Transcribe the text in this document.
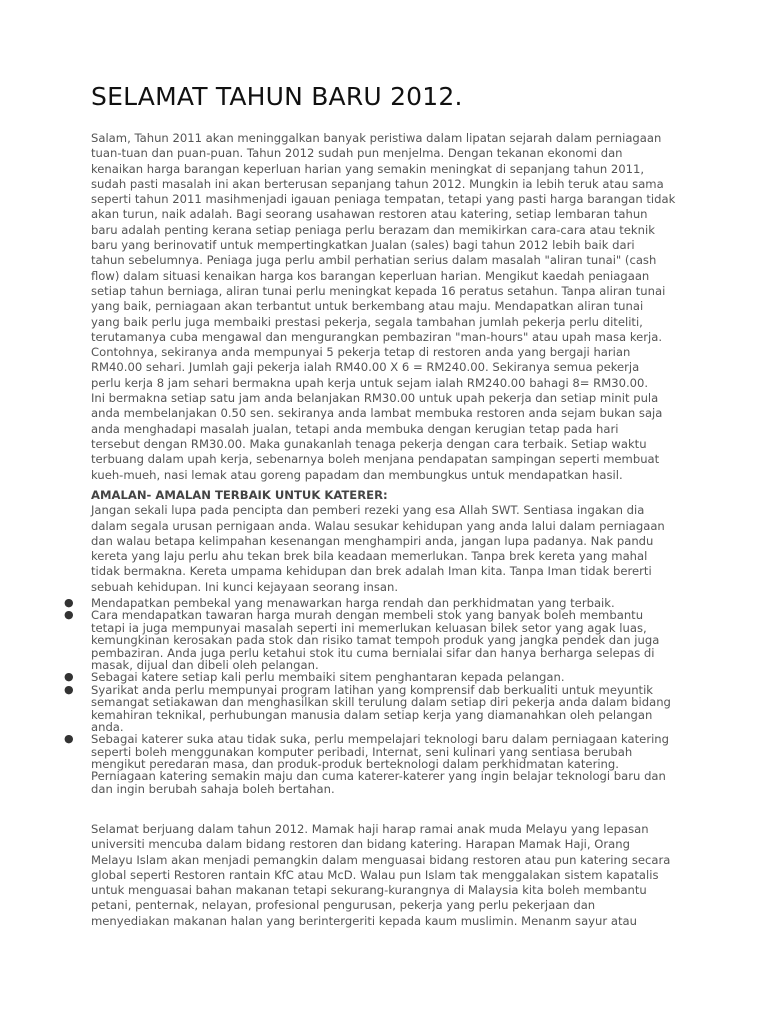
SELAMAT TAHUN BARU 2012.
Salam, Tahun 2011 akan meninggalkan banyak peristiwa dalam lipatan sejarah dalam perniagaan
tuan-tuan dan puan-puan. Tahun 2012 sudah pun menjelma. Dengan tekanan ekonomi dan
kenaikan harga barangan keperluan harian yang semakin meningkat di sepanjang tahun 2011,
sudah pasti masalah ini akan berterusan sepanjang tahun 2012. Mungkin ia lebih teruk atau sama
seperti tahun 2011 masihmenjadi igauan peniaga tempatan, tetapi yang pasti harga barangan tidak
akan turun, naik adalah. Bagi seorang usahawan restoren atau katering, setiap lembaran tahun
baru adalah penting kerana setiap peniaga perlu berazam dan memikirkan cara-cara atau teknik
baru yang berinovatif untuk mempertingkatkan Jualan (sales) bagi tahun 2012 lebih baik dari
tahun sebelumnya. Peniaga juga perlu ambil perhatian serius dalam masalah "aliran tunai" (cash
flow) dalam situasi kenaikan harga kos barangan keperluan harian. Mengikut kaedah peniagaan
setiap tahun berniaga, aliran tunai perlu meningkat kepada 16 peratus setahun. Tanpa aliran tunai
yang baik, perniagaan akan terbantut untuk berkembang atau maju. Mendapatkan aliran tunai
yang baik perlu juga membaiki prestasi pekerja, segala tambahan jumlah pekerja perlu diteliti,
terutamanya cuba mengawal dan mengurangkan pembaziran "man-hours" atau upah masa kerja.
Contohnya, sekiranya anda mempunyai 5 pekerja tetap di restoren anda yang bergaji harian
RM40.00 sehari. Jumlah gaji pekerja ialah RM40.00 X 6 = RM240.00. Sekiranya semua pekerja
perlu kerja 8 jam sehari bermakna upah kerja untuk sejam ialah RM240.00 bahagi 8= RM30.00.
Ini bermakna setiap satu jam anda belanjakan RM30.00 untuk upah pekerja dan setiap minit pula
anda membelanjakan 0.50 sen. sekiranya anda lambat membuka restoren anda sejam bukan saja
anda menghadapi masalah jualan, tetapi anda membuka dengan kerugian tetap pada hari
tersebut dengan RM30.00. Maka gunakanlah tenaga pekerja dengan cara terbaik. Setiap waktu
terbuang dalam upah kerja, sebenarnya boleh menjana pendapatan sampingan seperti membuat
kueh-mueh, nasi lemak atau goreng papadam dan membungkus untuk mendapatkan hasil.
AMALAN- AMALAN TERBAIK UNTUK KATERER:
Jangan sekali lupa pada pencipta dan pemberi rezeki yang esa Allah SWT. Sentiasa ingakan dia
dalam segala urusan pernigaan anda. Walau sesukar kehidupan yang anda lalui dalam perniagaan
dan walau betapa kelimpahan kesenangan menghampiri anda, jangan lupa padanya. Nak pandu
kereta yang laju perlu ahu tekan brek bila keadaan memerlukan. Tanpa brek kereta yang mahal
tidak bermakna. Kereta umpama kehidupan dan brek adalah Iman kita. Tanpa Iman tidak bererti
sebuah kehidupan. Ini kunci kejayaan seorang insan.
● Mendapatkan pembekal yang menawarkan harga rendah dan perkhidmatan yang terbaik.
● Cara mendapatkan tawaran harga murah dengan membeli stok yang banyak boleh membantu
tetapi ia juga mempunyai masalah seperti ini memerlukan keluasan bilek setor yang agak luas,
kemungkinan kerosakan pada stok dan risiko tamat tempoh produk yang jangka pendek dan juga
pembaziran. Anda juga perlu ketahui stok itu cuma bernialai sifar dan hanya berharga selepas di
masak, dijual dan dibeli oleh pelangan.
● Sebagai katere setiap kali perlu membaiki sitem penghantaran kepada pelangan.
● Syarikat anda perlu mempunyai program latihan yang komprensif dab berkualiti untuk meyuntik
semangat setiakawan dan menghasilkan skill terulung dalam setiap diri pekerja anda dalam bidang
kemahiran teknikal, perhubungan manusia dalam setiap kerja yang diamanahkan oleh pelangan
anda.
● Sebagai katerer suka atau tidak suka, perlu mempelajari teknologi baru dalam perniagaan katering
seperti boleh menggunakan komputer peribadi, Internat, seni kulinari yang sentiasa berubah
mengikut peredaran masa, dan produk-produk berteknologi dalam perkhidmatan katering.
Perniagaan katering semakin maju dan cuma katerer-katerer yang ingin belajar teknologi baru dan
dan ingin berubah sahaja boleh bertahan.
Selamat berjuang dalam tahun 2012. Mamak haji harap ramai anak muda Melayu yang lepasan
universiti mencuba dalam bidang restoren dan bidang katering. Harapan Mamak Haji, Orang
Melayu Islam akan menjadi pemangkin dalam menguasai bidang restoren atau pun katering secara
global seperti Restoren rantain KfC atau McD. Walau pun Islam tak menggalakan sistem kapatalis
untuk menguasai bahan makanan tetapi sekurang-kurangnya di Malaysia kita boleh membantu
petani, penternak, nelayan, profesional pengurusan, pekerja yang perlu pekerjaan dan
menyediakan makanan halan yang berintergeriti kepada kaum muslimin. Menanm sayur atau
